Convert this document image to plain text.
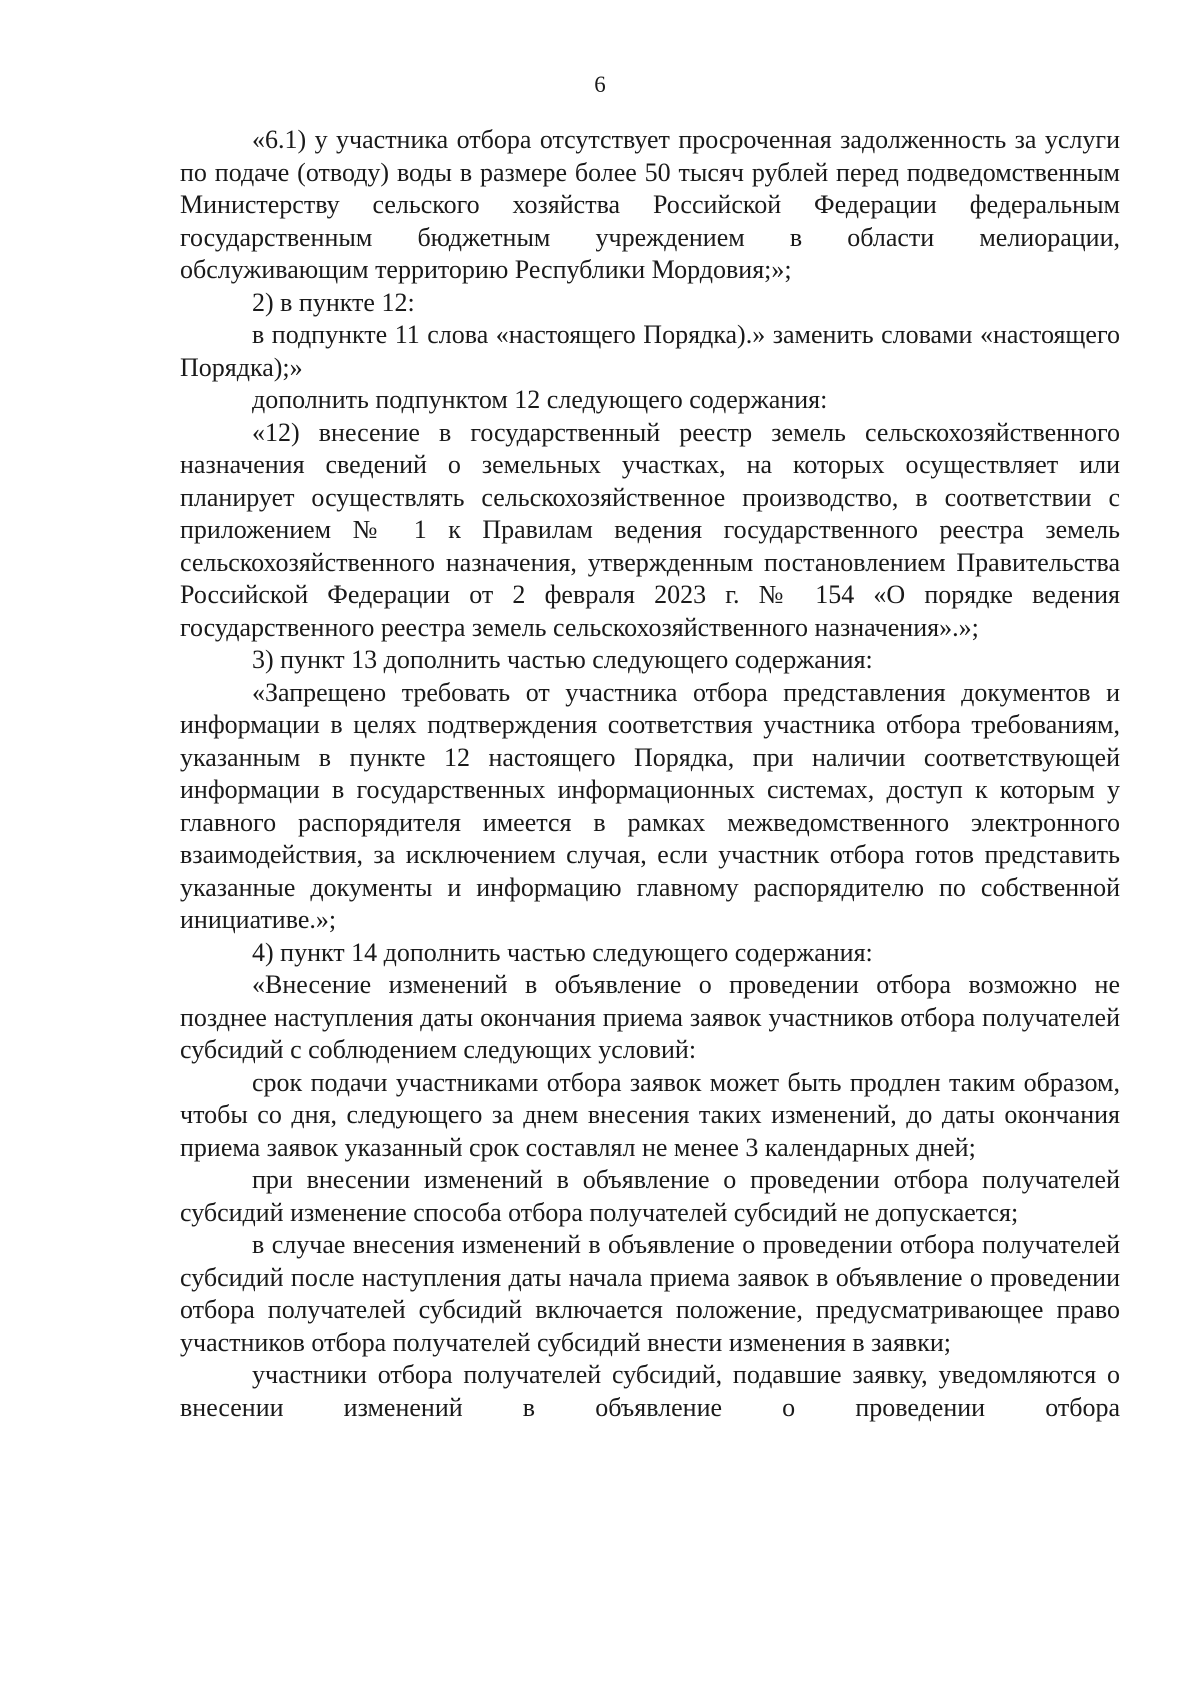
6

«6.1) у участника отбора отсутствует просроченная задолженность за услуги по подаче (отводу) воды в размере более 50 тысяч рублей перед подведомственным Министерству сельского хозяйства Российской Федерации федеральным государственным бюджетным учреждением в области мелиорации, обслуживающим территорию Республики Мордовия;»;

2) в пункте 12:

в подпункте 11 слова «настоящего Порядка).» заменить словами «настоящего Порядка);»

дополнить подпунктом 12 следующего содержания:

«12) внесение в государственный реестр земель сельскохозяйственного назначения сведений о земельных участках, на которых осуществляет или планирует осуществлять сельскохозяйственное производство, в соответствии с приложением № 1 к Правилам ведения государственного реестра земель сельскохозяйственного назначения, утвержденным постановлением Правительства Российской Федерации от 2 февраля 2023 г. № 154 «О порядке ведения государственного реестра земель сельскохозяйственного назначения».»;

3) пункт 13 дополнить частью следующего содержания:

«Запрещено требовать от участника отбора представления документов и информации в целях подтверждения соответствия участника отбора требованиям, указанным в пункте 12 настоящего Порядка, при наличии соответствующей информации в государственных информационных системах, доступ к которым у главного распорядителя имеется в рамках межведомственного электронного взаимодействия, за исключением случая, если участник отбора готов представить указанные документы и информацию главному распорядителю по собственной инициативе.»;

4) пункт 14 дополнить частью следующего содержания:

«Внесение изменений в объявление о проведении отбора возможно не позднее наступления даты окончания приема заявок участников отбора получателей субсидий с соблюдением следующих условий:

срок подачи участниками отбора заявок может быть продлен таким образом, чтобы со дня, следующего за днем внесения таких изменений, до даты окончания приема заявок указанный срок составлял не менее 3 календарных дней;

при внесении изменений в объявление о проведении отбора получателей субсидий изменение способа отбора получателей субсидий не допускается;

в случае внесения изменений в объявление о проведении отбора получателей субсидий после наступления даты начала приема заявок в объявление о проведении отбора получателей субсидий включается положение, предусматривающее право участников отбора получателей субсидий внести изменения в заявки;

участники отбора получателей субсидий, подавшие заявку, уведомляются о внесении изменений в объявление о проведении отбора
